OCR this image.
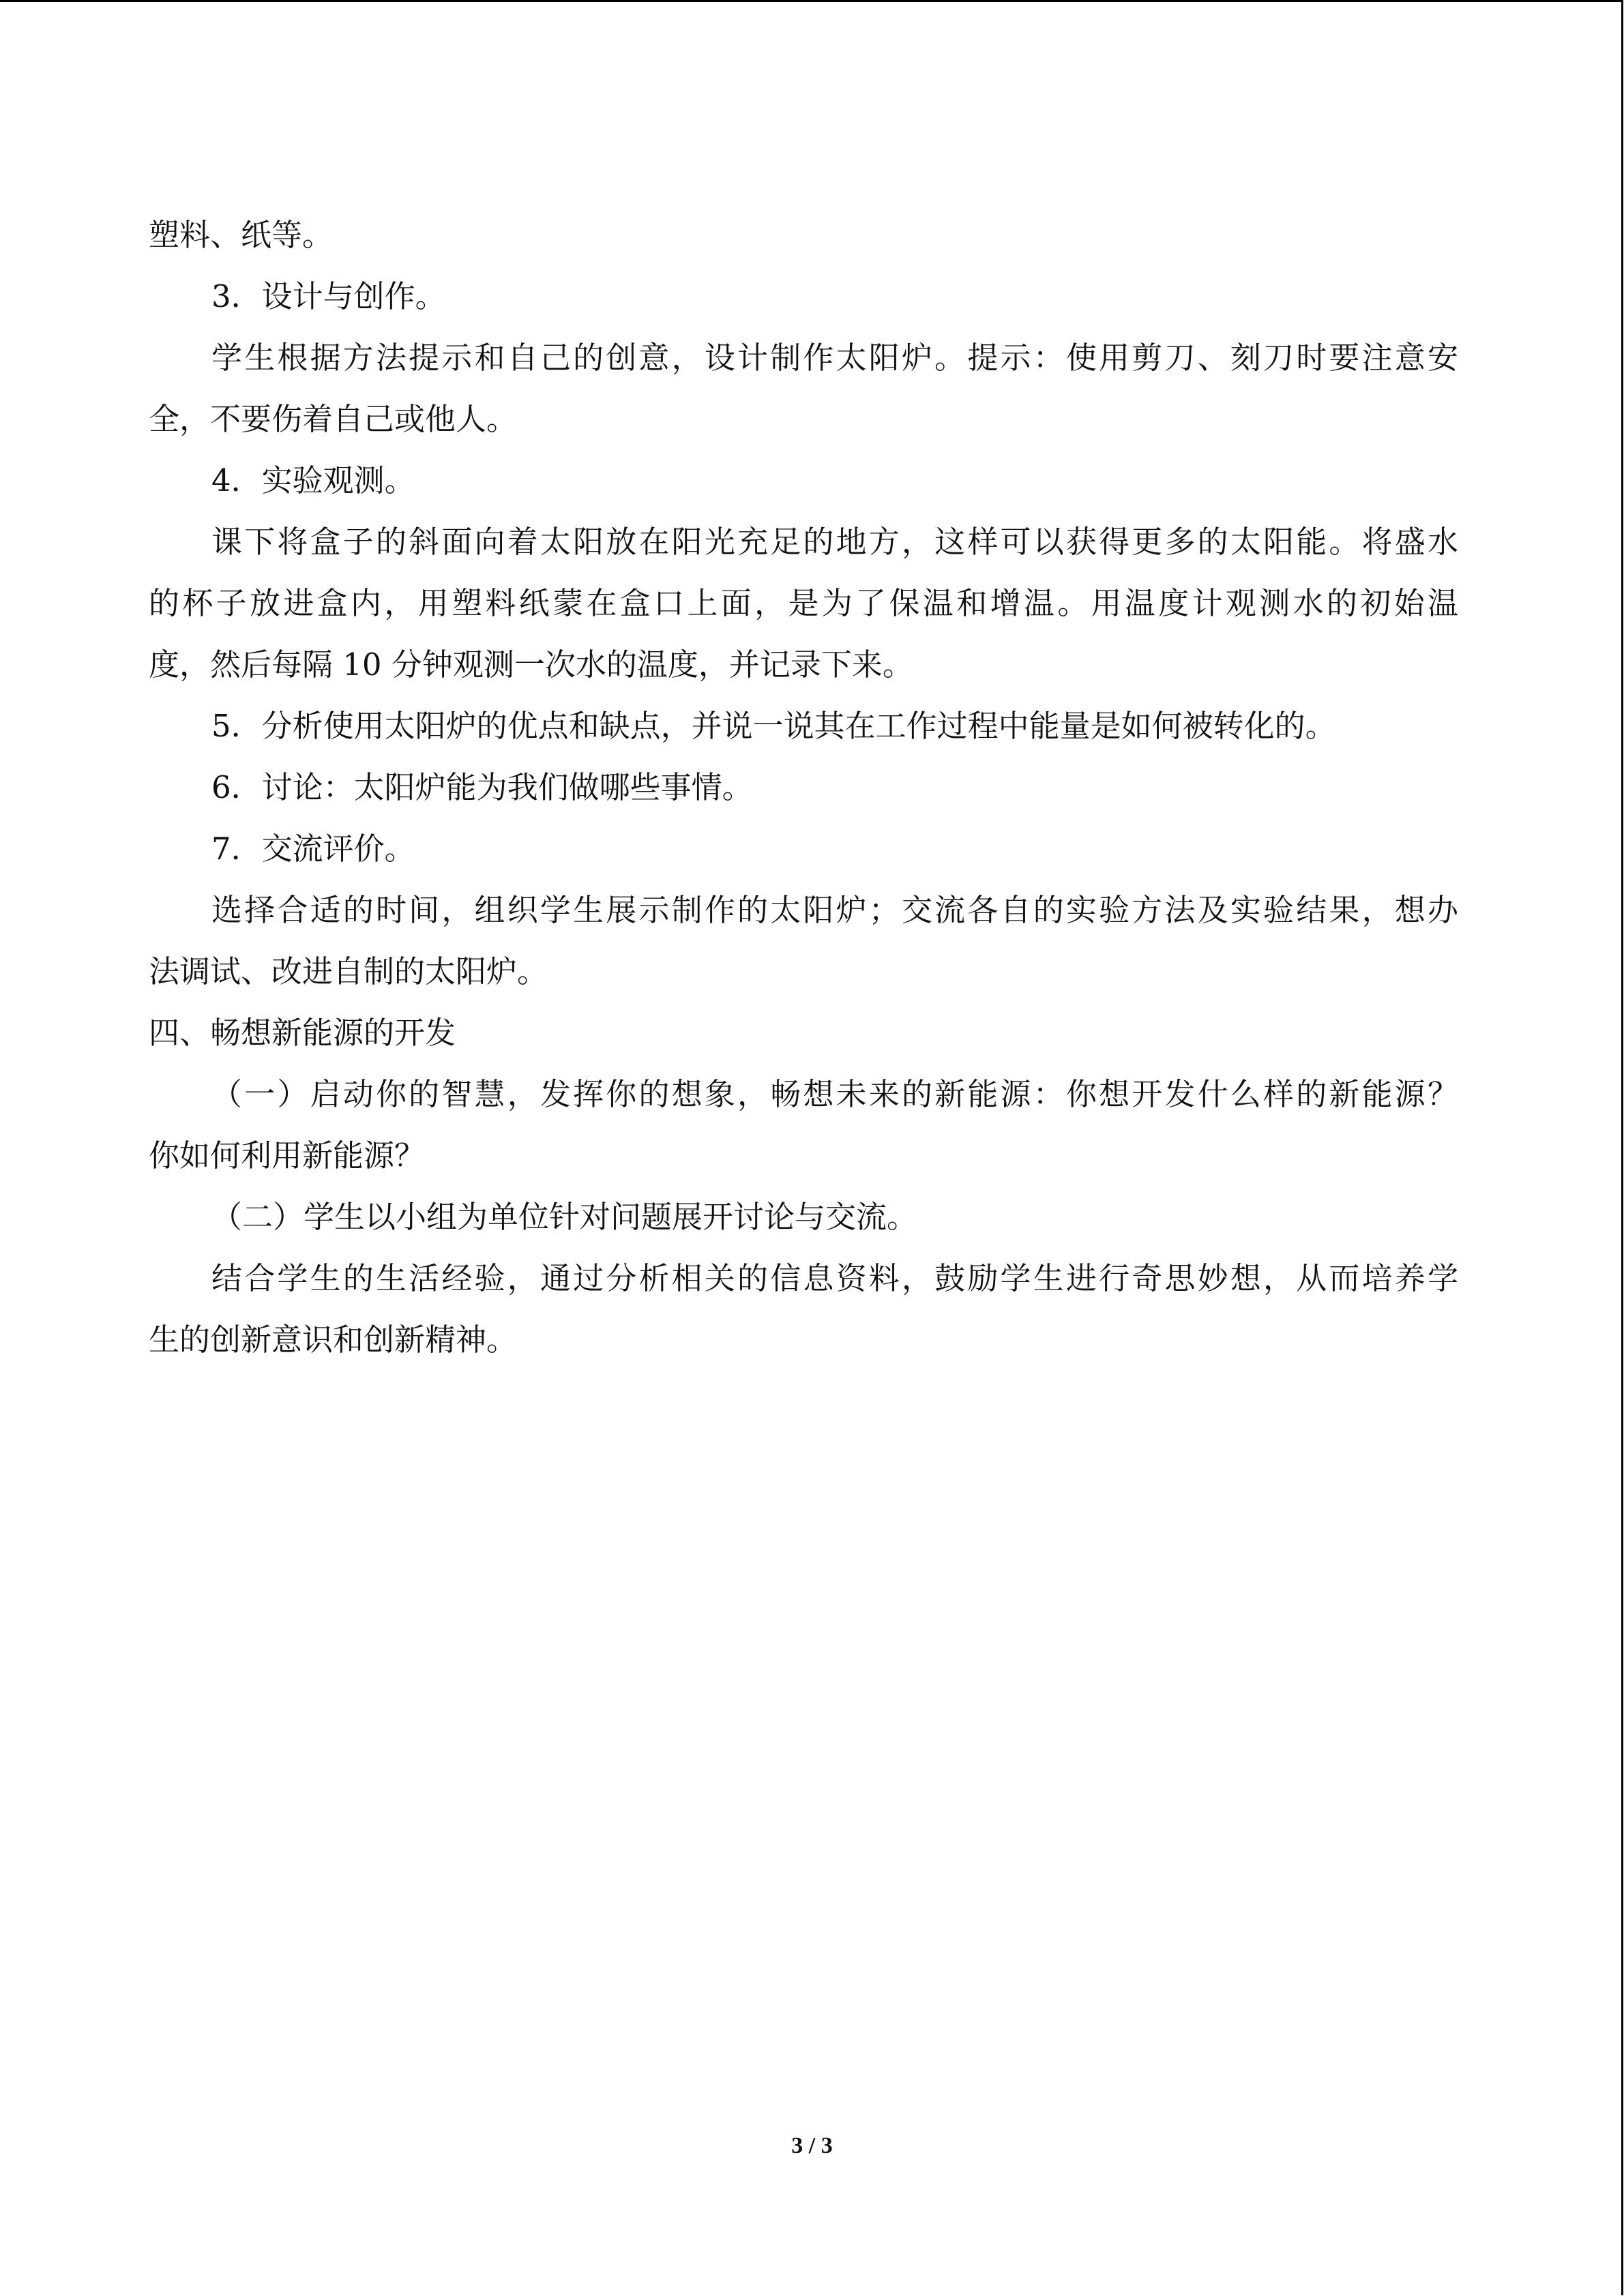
塑料、纸等。

3．设计与创作。

学生根据方法提示和自己的创意，设计制作太阳炉。提示：使用剪刀、刻刀时要注意安

全，不要伤着自己或他人。

4．实验观测。

课下将盒子的斜面向着太阳放在阳光充足的地方，这样可以获得更多的太阳能。将盛水

的杯子放进盒内，用塑料纸蒙在盒口上面，是为了保温和增温。用温度计观测水的初始温

度，然后每隔 10 分钟观测一次水的温度，并记录下来。

5．分析使用太阳炉的优点和缺点，并说一说其在工作过程中能量是如何被转化的。

6．讨论：太阳炉能为我们做哪些事情。

7．交流评价。

选择合适的时间，组织学生展示制作的太阳炉；交流各自的实验方法及实验结果，想办

法调试、改进自制的太阳炉。

四、畅想新能源的开发

（一）启动你的智慧，发挥你的想象，畅想未来的新能源：你想开发什么样的新能源？

你如何利用新能源？

（二）学生以小组为单位针对问题展开讨论与交流。

结合学生的生活经验，通过分析相关的信息资料，鼓励学生进行奇思妙想，从而培养学

生的创新意识和创新精神。

3 / 3
